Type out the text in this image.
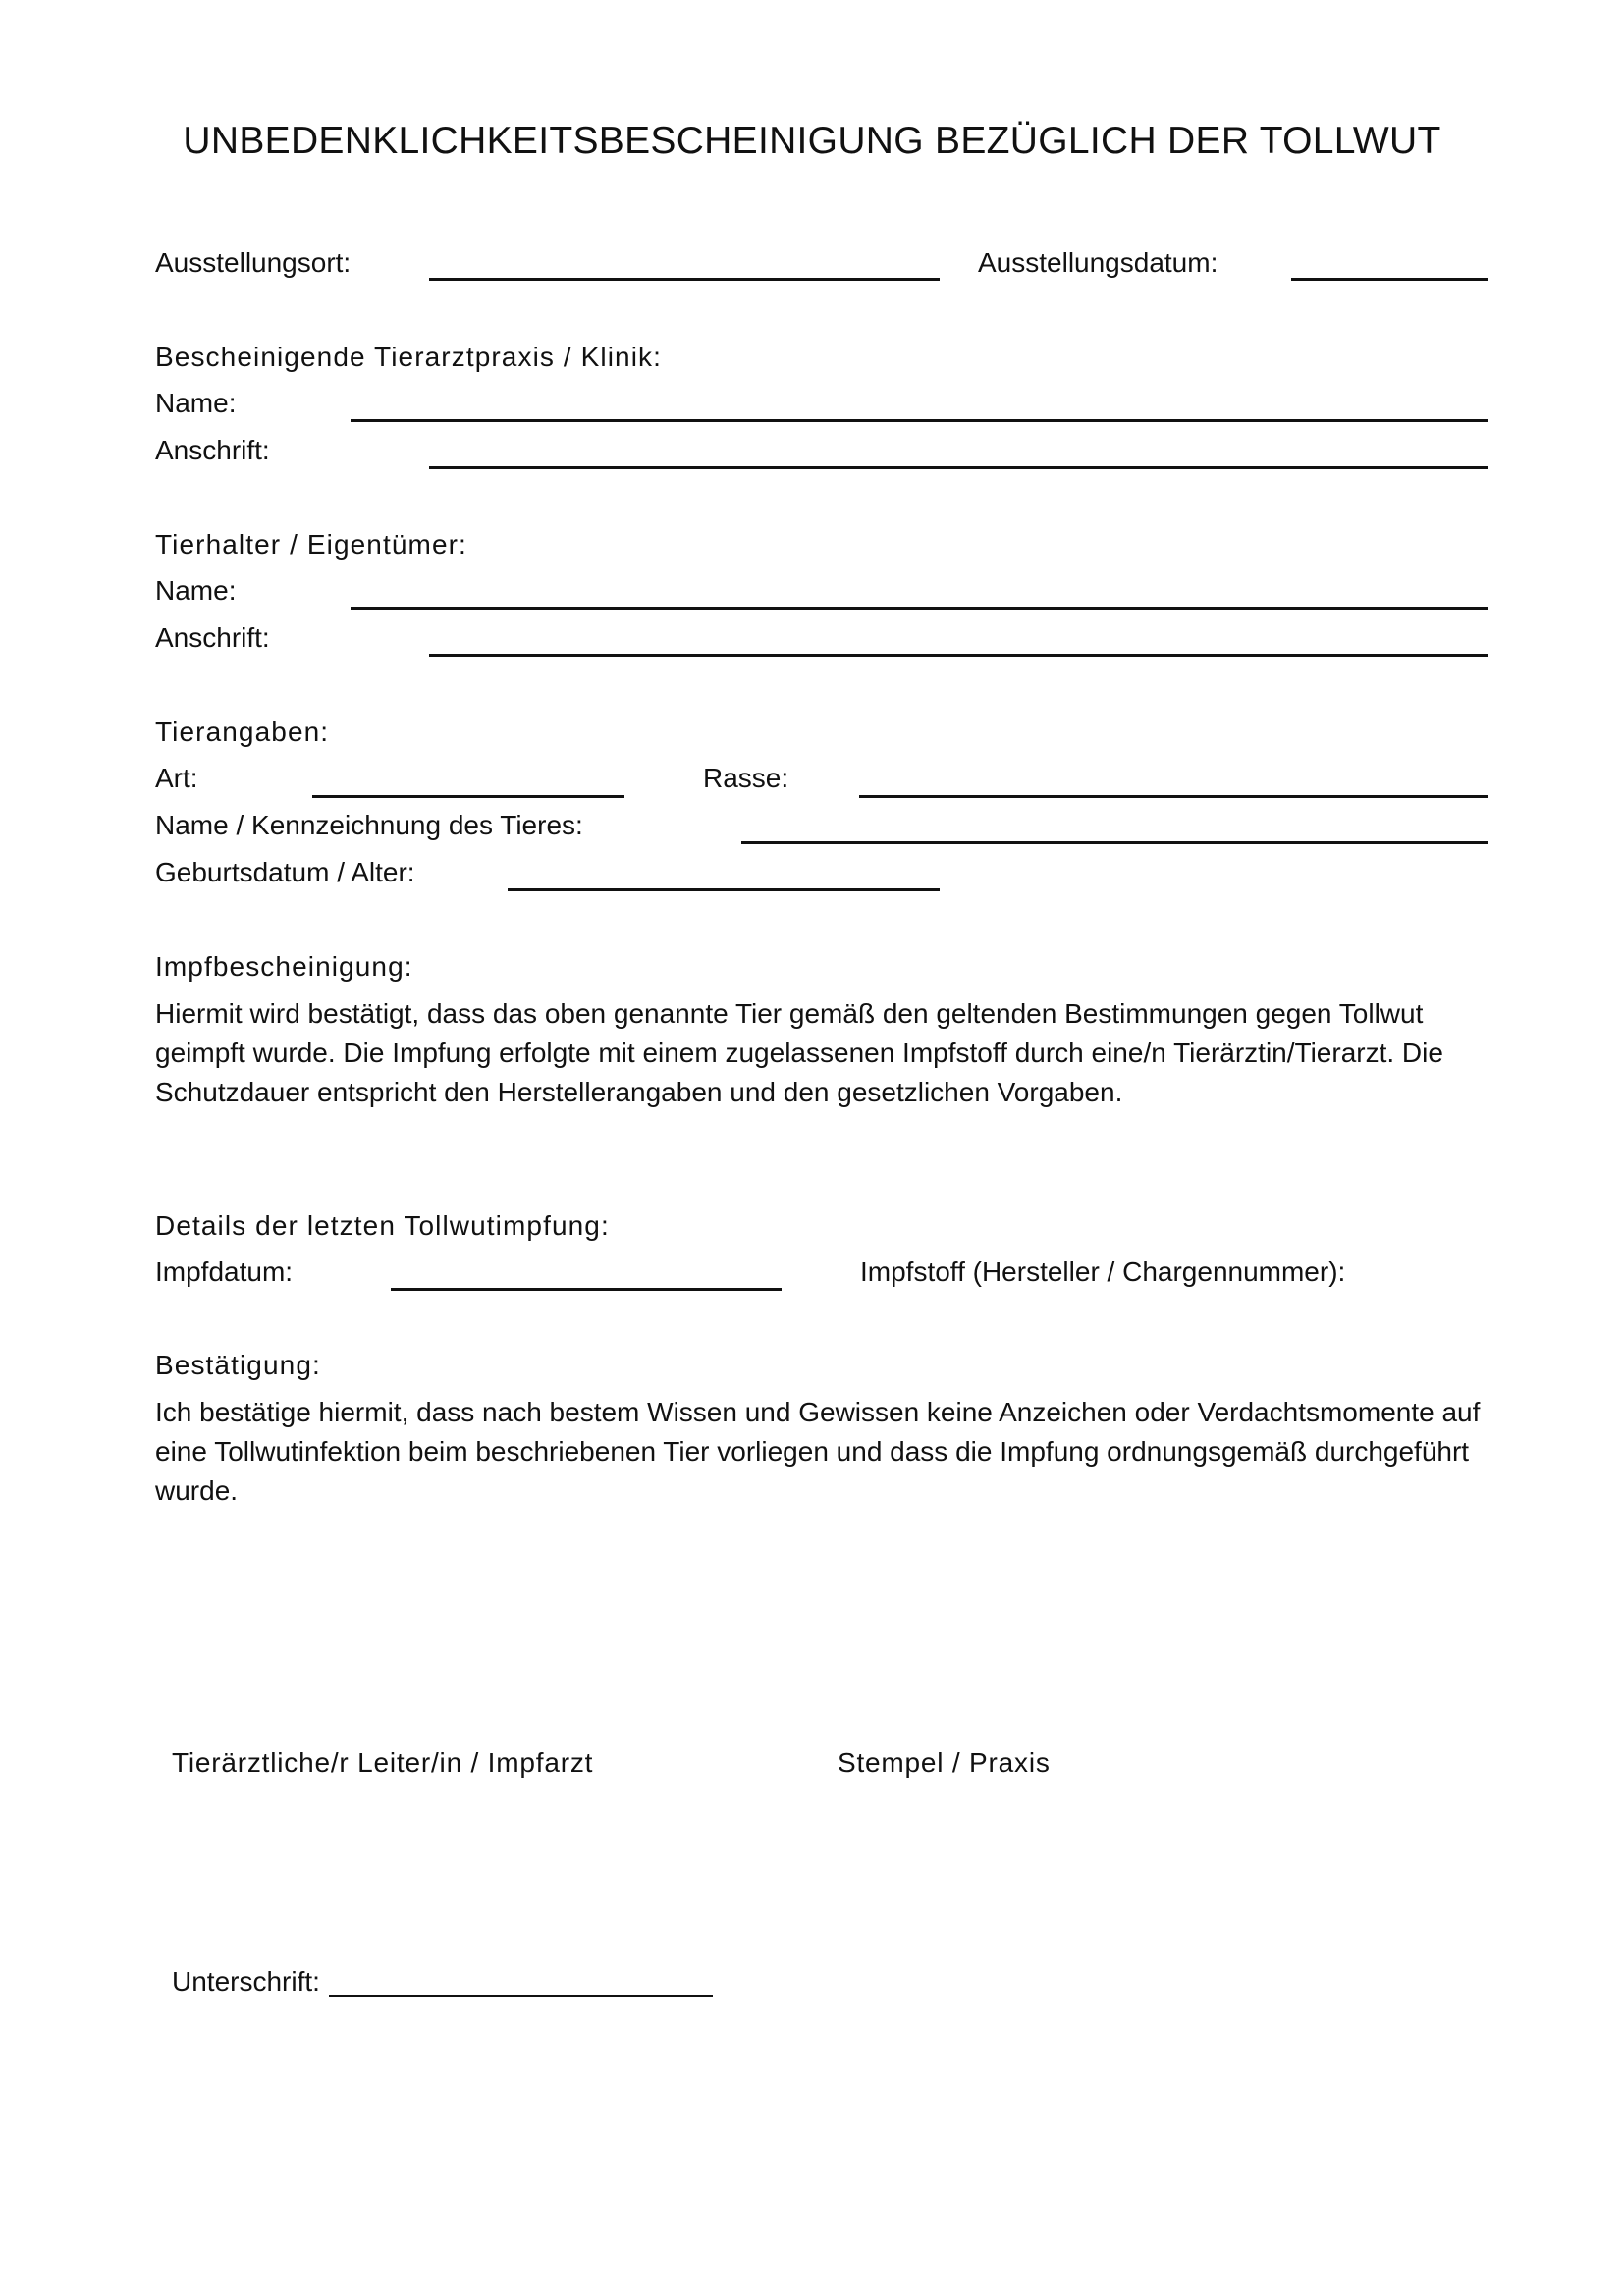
UNBEDENKLICHKEITSBESCHEINIGUNG BEZÜGLICH DER TOLLWUT
Ausstellungsort:	Ausstellungsdatum:
Bescheinigende Tierarztpraxis / Klinik:
Name:
Anschrift:
Tierhalter / Eigentümer:
Name:
Anschrift:
Tierangaben:
Art:	Rasse:
Name / Kennzeichnung des Tieres:
Geburtsdatum / Alter:
Impfbescheinigung:
Hiermit wird bestätigt, dass das oben genannte Tier gemäß den geltenden Bestimmungen gegen Tollwut geimpft wurde. Die Impfung erfolgte mit einem zugelassenen Impfstoff durch eine/n Tierärztin/Tierarzt. Die Schutzdauer entspricht den Herstellerangaben und den gesetzlichen Vorgaben.
Details der letzten Tollwutimpfung:
Impfdatum:	Impfstoff (Hersteller / Chargennummer):
Bestätigung:
Ich bestätige hiermit, dass nach bestem Wissen und Gewissen keine Anzeichen oder Verdachtsmomente auf eine Tollwutinfektion beim beschriebenen Tier vorliegen und dass die Impfung ordnungsgemäß durchgeführt wurde.
Tierärztliche/r Leiter/in / Impfarzt	Stempel / Praxis
Unterschrift:
